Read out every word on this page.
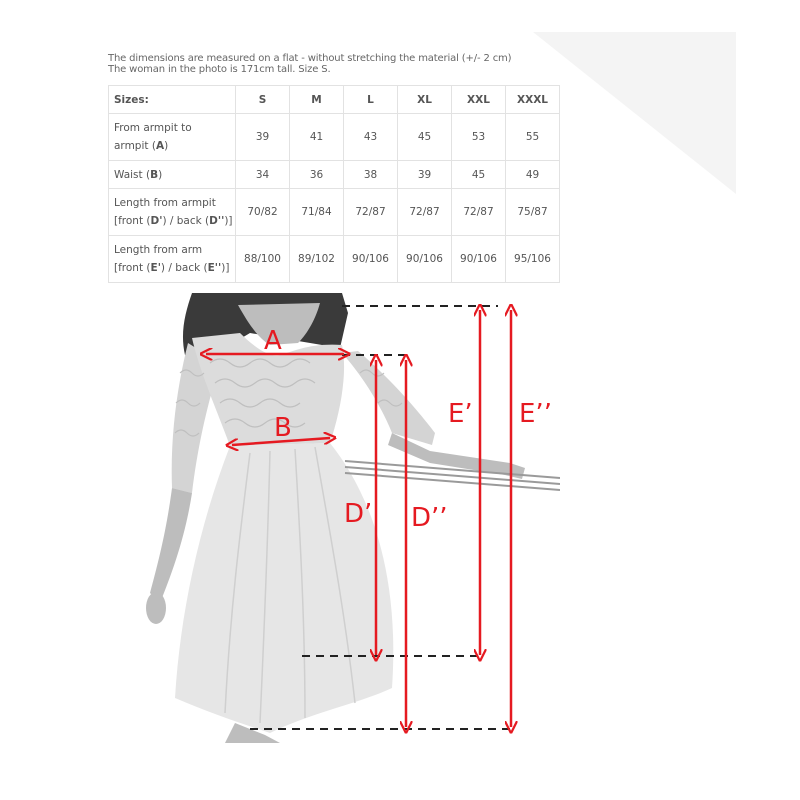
The dimensions are measured on a flat - without stretching the material (+/- 2 cm)
The woman in the photo is 171cm tall. Size S.
Sizes:	S	M	L	XL	XXL	XXXL
From armpit to
armpit (A)	39	41	43	45	53	55
Waist (B)	34	36	38	39	45	49
Length from armpit
[front (D') / back (D'')]	70/82	71/84	72/87	72/87	72/87	75/87
Length from arm
[front (E') / back (E'')]	88/100	89/102	90/106	90/106	90/106	95/106
A
B
D’ D’’
E’ E’’
